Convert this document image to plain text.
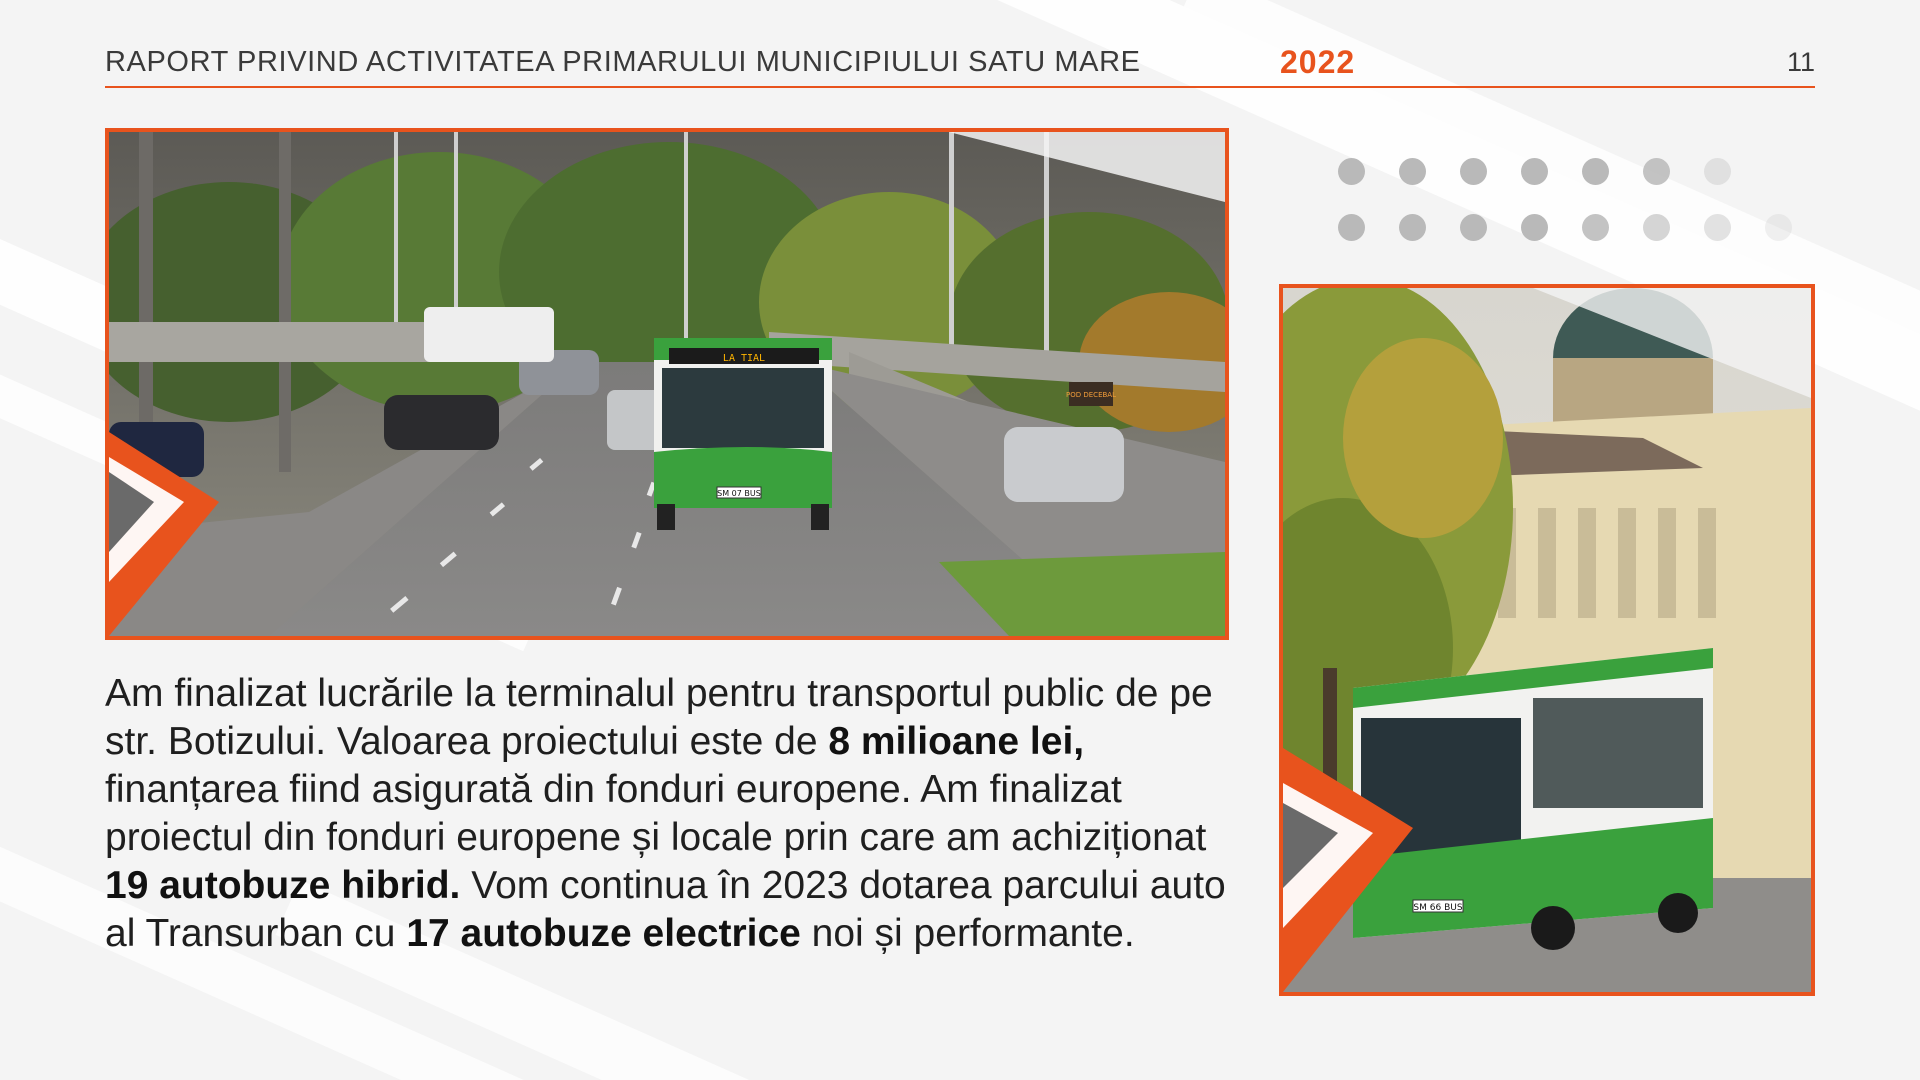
RAPORT PRIVIND ACTIVITATEA PRIMARULUI MUNICIPIULUI SATU MARE	2022	11
LA TIAL
SM 07 BUS
POD DECEBAL
SM 66 BUS
Am finalizat lucrările la terminalul pentru transportul public de pe str. Botizului. Valoarea proiectului este de 8 milioane lei, finanțarea fiind asigurată din fonduri europene. Am finalizat proiectul din fonduri europene și locale prin care am achiziționat 19 autobuze hibrid. Vom continua în 2023 dotarea parcului auto al Transurban cu 17 autobuze electrice noi și performante.
